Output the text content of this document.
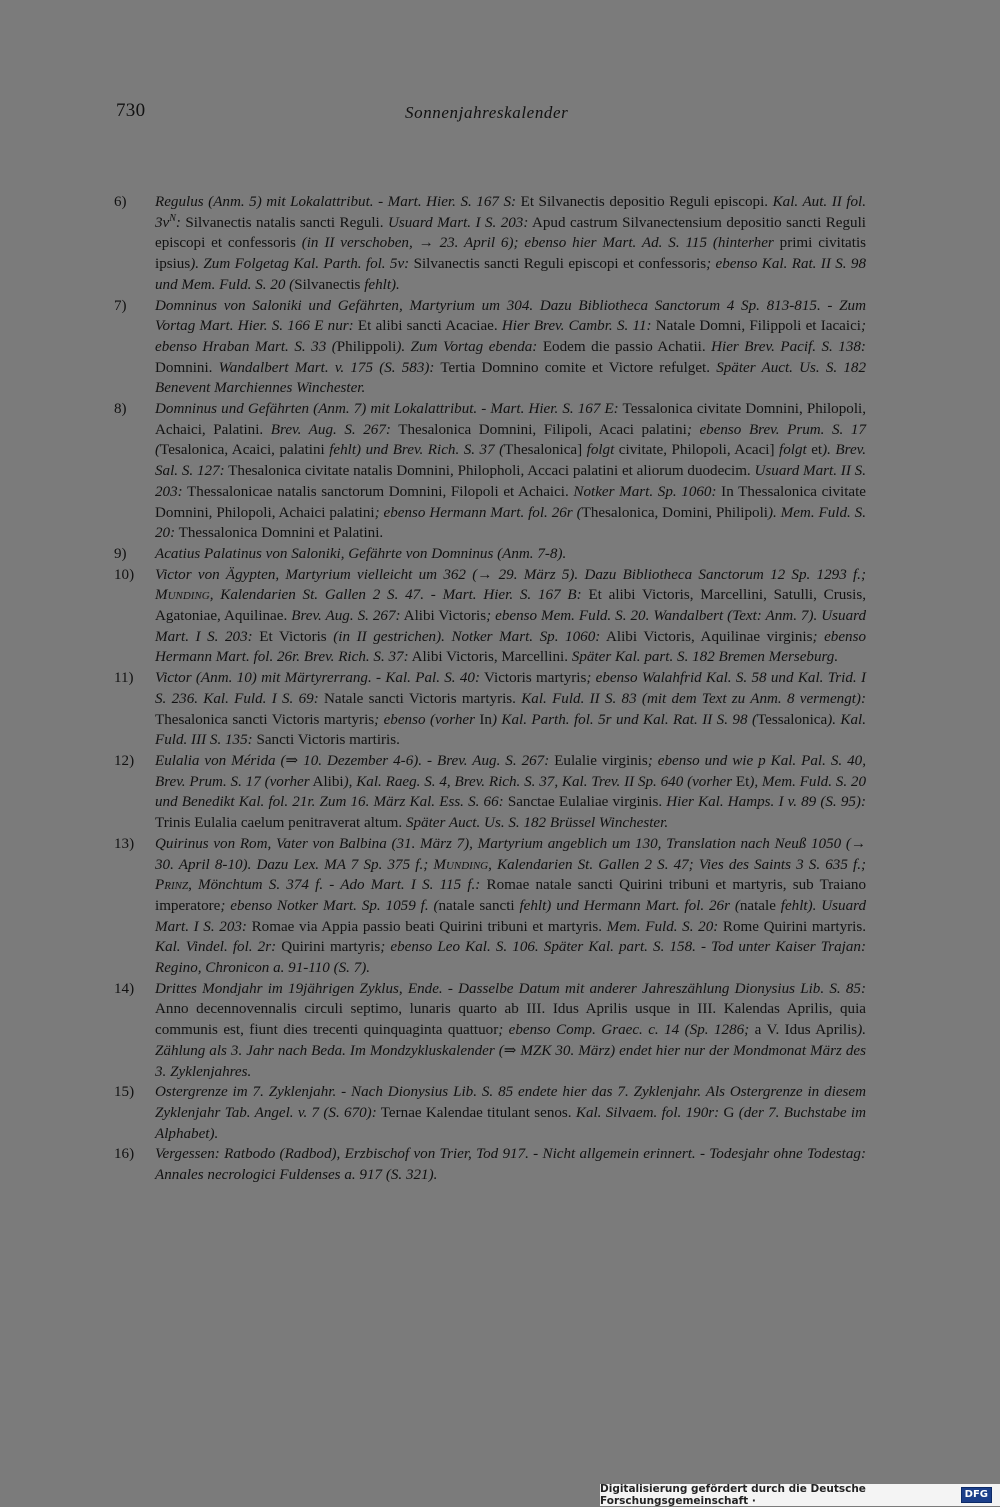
730	Sonnenjahreskalender
6)	Regulus (Anm. 5) mit Lokalattribut. - Mart. Hier. S. 167 S: Et Silvanectis depositio Reguli episcopi. Kal. Aut. II fol. $3v^N$: Silvanectis natalis sancti Reguli. Usuard Mart. I S. 203: Apud castrum Silvanectensium depositio sancti Reguli episcopi et confessoris (in II verschoben, → 23. April 6); ebenso hier Mart. Ad. S. 115 (hinterher primi civitatis ipsius). Zum Folgetag Kal. Parth. fol. 5v: Silvanectis sancti Reguli episcopi et confessoris; ebenso Kal. Rat. II S. 98 und Mem. Fuld. S. 20 (Silvanectis fehlt).
7)	Domninus von Saloniki und Gefährten, Martyrium um 304. Dazu Bibliotheca Sanctorum 4 Sp. 813-815. - Zum Vortag Mart. Hier. S. 166 E nur: Et alibi sancti Acaciae. Hier Brev. Cambr. S. 11: Natale Domni, Filippoli et Iacaici; ebenso Hraban Mart. S. 33 (Philippoli). Zum Vortag ebenda: Eodem die passio Achatii. Hier Brev. Pacif. S. 138: Domnini. Wandalbert Mart. v. 175 (S. 583): Tertia Domnino comite et Victore refulget. Später Auct. Us. S. 182 Benevent Marchiennes Winchester.
8)	Domninus und Gefährten (Anm. 7) mit Lokalattribut. - Mart. Hier. S. 167 E: Tessalonica civitate Domnini, Philopoli, Achaici, Palatini. Brev. Aug. S. 267: Thesalonica Domnini, Filipoli, Acaci palatini; ebenso Brev. Prum. S. 17 (Tesalonica, Acaici, palatini fehlt) und Brev. Rich. S. 37 (Thesalonica] folgt civitate, Philopoli, Acaci] folgt et). Brev. Sal. S. 127: Thesalonica civitate natalis Domnini, Philopholi, Accaci palatini et aliorum duodecim. Usuard Mart. II S. 203: Thessalonicae natalis sanctorum Domnini, Filopoli et Achaici. Notker Mart. Sp. 1060: In Thessalonica civitate Domnini, Philopoli, Achaici palatini; ebenso Hermann Mart. fol. 26r (Thesalonica, Domini, Philipoli). Mem. Fuld. S. 20: Thessalonica Domnini et Palatini.
9)	Acatius Palatinus von Saloniki, Gefährte von Domninus (Anm. 7-8).
10)	Victor von Ägypten, Martyrium vielleicht um 362 (→ 29. März 5). Dazu Bibliotheca Sanctorum 12 Sp. 1293 f.; Munding, Kalendarien St. Gallen 2 S. 47. - Mart. Hier. S. 167 B: Et alibi Victoris, Marcellini, Satulli, Crusis, Agatoniae, Aquilinae. Brev. Aug. S. 267: Alibi Victoris; ebenso Mem. Fuld. S. 20. Wandalbert (Text: Anm. 7). Usuard Mart. I S. 203: Et Victoris (in II gestrichen). Notker Mart. Sp. 1060: Alibi Victoris, Aquilinae virginis; ebenso Hermann Mart. fol. 26r. Brev. Rich. S. 37: Alibi Victoris, Marcellini. Später Kal. part. S. 182 Bremen Merseburg.
11)	Victor (Anm. 10) mit Märtyrerrang. - Kal. Pal. S. 40: Victoris martyris; ebenso Walahfrid Kal. S. 58 und Kal. Trid. I S. 236. Kal. Fuld. I S. 69: Natale sancti Victoris martyris. Kal. Fuld. II S. 83 (mit dem Text zu Anm. 8 vermengt): Thesalonica sancti Victoris martyris; ebenso (vorher In) Kal. Parth. fol. 5r und Kal. Rat. II S. 98 (Tessalonica). Kal. Fuld. III S. 135: Sancti Victoris martiris.
12)	Eulalia von Mérida (⇒ 10. Dezember 4-6). - Brev. Aug. S. 267: Eulalie virginis; ebenso und wie p Kal. Pal. S. 40, Brev. Prum. S. 17 (vorher Alibi), Kal. Raeg. S. 4, Brev. Rich. S. 37, Kal. Trev. II Sp. 640 (vorher Et), Mem. Fuld. S. 20 und Benedikt Kal. fol. 21r. Zum 16. März Kal. Ess. S. 66: Sanctae Eulaliae virginis. Hier Kal. Hamps. I v. 89 (S. 95): Trinis Eulalia caelum penitraverat altum. Später Auct. Us. S. 182 Brüssel Winchester.
13)	Quirinus von Rom, Vater von Balbina (31. März 7), Martyrium angeblich um 130, Translation nach Neuß 1050 (→ 30. April 8-10). Dazu Lex. MA 7 Sp. 375 f.; Munding, Kalendarien St. Gallen 2 S. 47; Vies des Saints 3 S. 635 f.; Prinz, Mönchtum S. 374 f. - Ado Mart. I S. 115 f.: Romae natale sancti Quirini tribuni et martyris, sub Traiano imperatore; ebenso Notker Mart. Sp. 1059 f. (natale sancti fehlt) und Hermann Mart. fol. 26r (natale fehlt). Usuard Mart. I S. 203: Romae via Appia passio beati Quirini tribuni et martyris. Mem. Fuld. S. 20: Rome Quirini martyris. Kal. Vindel. fol. 2r: Quirini martyris; ebenso Leo Kal. S. 106. Später Kal. part. S. 158. - Tod unter Kaiser Trajan: Regino, Chronicon a. 91-110 (S. 7).
14)	Drittes Mondjahr im 19jährigen Zyklus, Ende. - Dasselbe Datum mit anderer Jahreszählung Dionysius Lib. S. 85: Anno decennovennalis circuli septimo, lunaris quarto ab III. Idus Aprilis usque in III. Kalendas Aprilis, quia communis est, fiunt dies trecenti quinquaginta quattuor; ebenso Comp. Graec. c. 14 (Sp. 1286; a V. Idus Aprilis). Zählung als 3. Jahr nach Beda. Im Mondzykluskalender (⇒ MZK 30. März) endet hier nur der Mondmonat März des 3. Zyklenjahres.
15)	Ostergrenze im 7. Zyklenjahr. - Nach Dionysius Lib. S. 85 endete hier das 7. Zyklenjahr. Als Ostergrenze in diesem Zyklenjahr Tab. Angel. v. 7 (S. 670): Ternae Kalendae titulant senos. Kal. Silvaem. fol. 190r: G (der 7. Buchstabe im Alphabet).
16)	Vergessen: Ratbodo (Radbod), Erzbischof von Trier, Tod 917. - Nicht allgemein erinnert. - Todesjahr ohne Todestag: Annales necrologici Fuldenses a. 917 (S. 321).
Digitalisierung gefördert durch die Deutsche Forschungsgemeinschaft ·
DFG
